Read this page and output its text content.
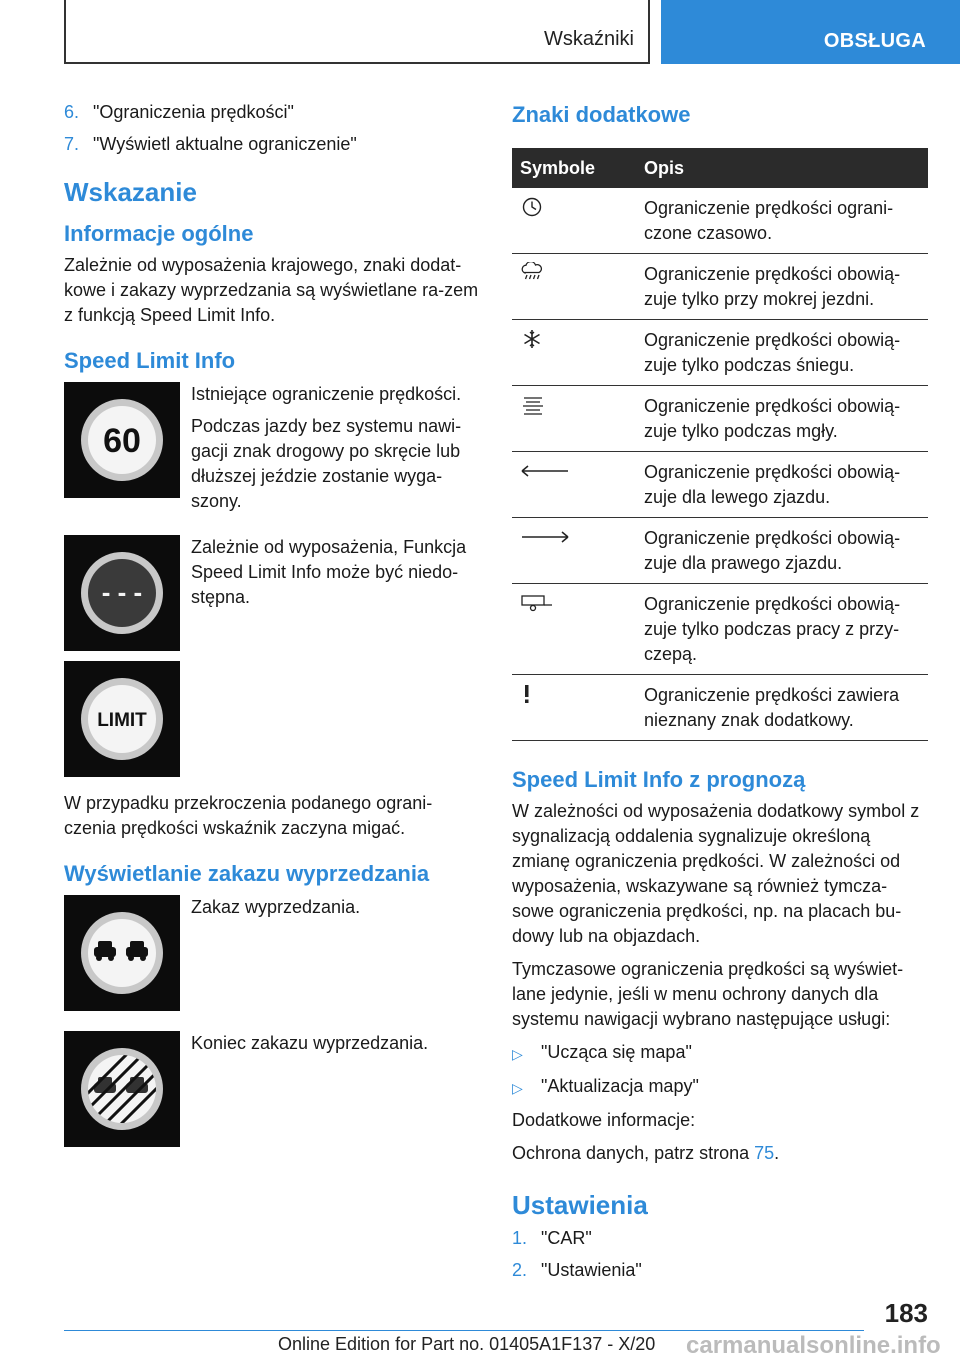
Wskaźniki	OBSŁUGA
6. "Ograniczenia prędkości"
7. "Wyświetl aktualne ograniczenie"
Wskazanie
Informacje ogólne

Zależnie od wyposażenia krajowego, znaki dodat-kowe i zakazy wyprzedzania są wyświetlane ra-zem z funkcją Speed Limit Info.

Speed Limit Info
60

Istniejące ograniczenie prędkości.

Podczas jazdy bez systemu nawi-gacji znak drogowy po skręcie lub dłuższej jeździe zostanie wyga-szony.

- - -

Zależnie od wyposażenia, Funkcja Speed Limit Info może być niedo-stępna.

LIMIT

W przypadku przekroczenia podanego ograni-czenia prędkości wskaźnik zaczyna migać.

Wyświetlanie zakazu wyprzedzania

Zakaz wyprzedzania.

Koniec zakazu wyprzedzania.

Znaki dodatkowe
Symbole	Opis
	Ograniczenie prędkości ograni-czone czasowo.
	Ograniczenie prędkości obowią-zuje tylko przy mokrej jezdni.
	Ograniczenie prędkości obowią-zuje tylko podczas śniegu.
	Ograniczenie prędkości obowią-zuje tylko podczas mgły.
	Ograniczenie prędkości obowią-zuje dla lewego zjazdu.
	Ograniczenie prędkości obowią-zuje dla prawego zjazdu.
	Ograniczenie prędkości obowią-zuje tylko podczas pracy z przy-czepą.
	Ograniczenie prędkości zawiera nieznany znak dodatkowy.
Speed Limit Info z prognozą

W zależności od wyposażenia dodatkowy symbol z sygnalizacją oddalenia sygnalizuje określoną zmianę ograniczenia prędkości. W zależności od wyposażenia, wskazywane są również tymcza-sowe ograniczenia prędkości, np. na placach bu-dowy lub na objazdach.

Tymczasowe ograniczenia prędkości są wyświet-lane jedynie, jeśli w menu ochrony danych dla systemu nawigacji wybrano następujące usługi:

▷	"Ucząca się mapa"
▷	"Aktualizacja mapy"

Dodatkowe informacje:

Ochrona danych, patrz strona 75.

Ustawienia
1. "CAR"
2. "Ustawienia"
183
Online Edition for Part no. 01405A1F137 - X/20 carmanualsonline.info
